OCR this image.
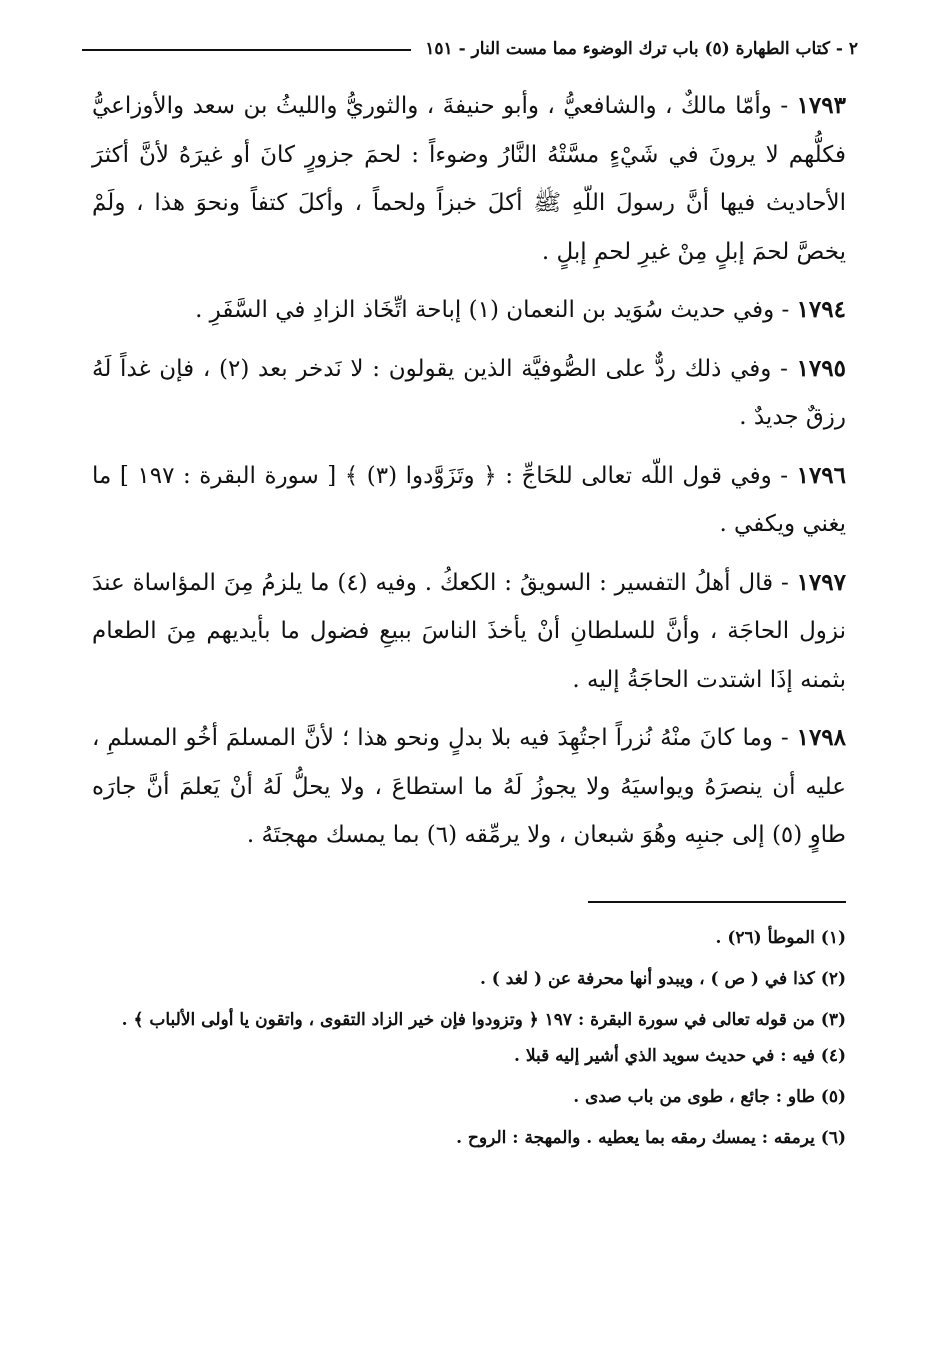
٢ - كتاب الطهارة (٥) باب ترك الوضوء مما مست النار - ١٥١

١٧٩٣ - وأمّا مالكٌ ، والشافعيُّ ، وأبو حنيفةَ ، والثوريُّ والليثُ بن سعد والأوزاعيُّ فكلُّهم لا يرونَ في شَيْءٍ مسَّتْهُ النَّارُ وضوءاً : لحمَ جزورٍ كانَ أو غيرَهُ لأنَّ أكثرَ الأحاديث فيها أنَّ رسولَ اللّهِ ﷺ أكلَ خبزاً ولحماً ، وأكلَ كتفاً ونحوَ هذا ، ولَمْ يخصَّ لحمَ إبلٍ مِنْ غيرِ لحمِ إبلٍ .

١٧٩٤ - وفي حديث سُوَيد بن النعمان (١) إباحة اتِّخَاذ الزادِ في السَّفَرِ .

١٧٩٥ - وفي ذلك ردٌّ على الصُّوفيَّة الذين يقولون : لا نَدخر بعد (٢) ، فإن غداً لَهُ رزقٌ جديدٌ .

١٧٩٦ - وفي قول اللّه تعالى للحَاجِّ : ﴿ وتَزَوَّدوا (٣) ﴾ [ سورة البقرة : ١٩٧ ] ما يغني ويكفي .

١٧٩٧ - قال أهلُ التفسير : السويقُ : الكعكُ . وفيه (٤) ما يلزمُ مِنَ المؤاساة عندَ نزول الحاجَة ، وأنَّ للسلطانِ أنْ يأخذَ الناسَ ببيعِ فضول ما بأيديهم مِنَ الطعام بثمنه إذَا اشتدت الحاجَةُ إليه .

١٧٩٨ - وما كانَ منْهُ نُزراً اجتُهِدَ فيه بلا بدلٍ ونحو هذا ؛ لأنَّ المسلمَ أخُو المسلمِ ، عليه أن ينصرَهُ ويواسيَهُ ولا يجوزُ لَهُ ما استطاعَ ، ولا يحلُّ لَهُ أنْ يَعلمَ أنَّ جارَه طاوٍ (٥) إلى جنبِه وهُوَ شبعان ، ولا يرمِّقه (٦) بما يمسك مهجتَهُ .

(١) الموطأ (٢٦) .
(٢) كذا في ( ص ) ، ويبدو أنها محرفة عن ( لغد ) .
(٣) من قوله تعالى في سورة البقرة : ١٩٧ ﴿ وتزودوا فإن خير الزاد التقوى ، واتقون يا أولى الألباب ﴾ .
(٤) فيه : في حديث سويد الذي أشير إليه قبلا .
(٥) طاو : جائع ، طوى من باب صدى .
(٦) يرمقه : يمسك رمقه بما يعطيه . والمهجة : الروح .
